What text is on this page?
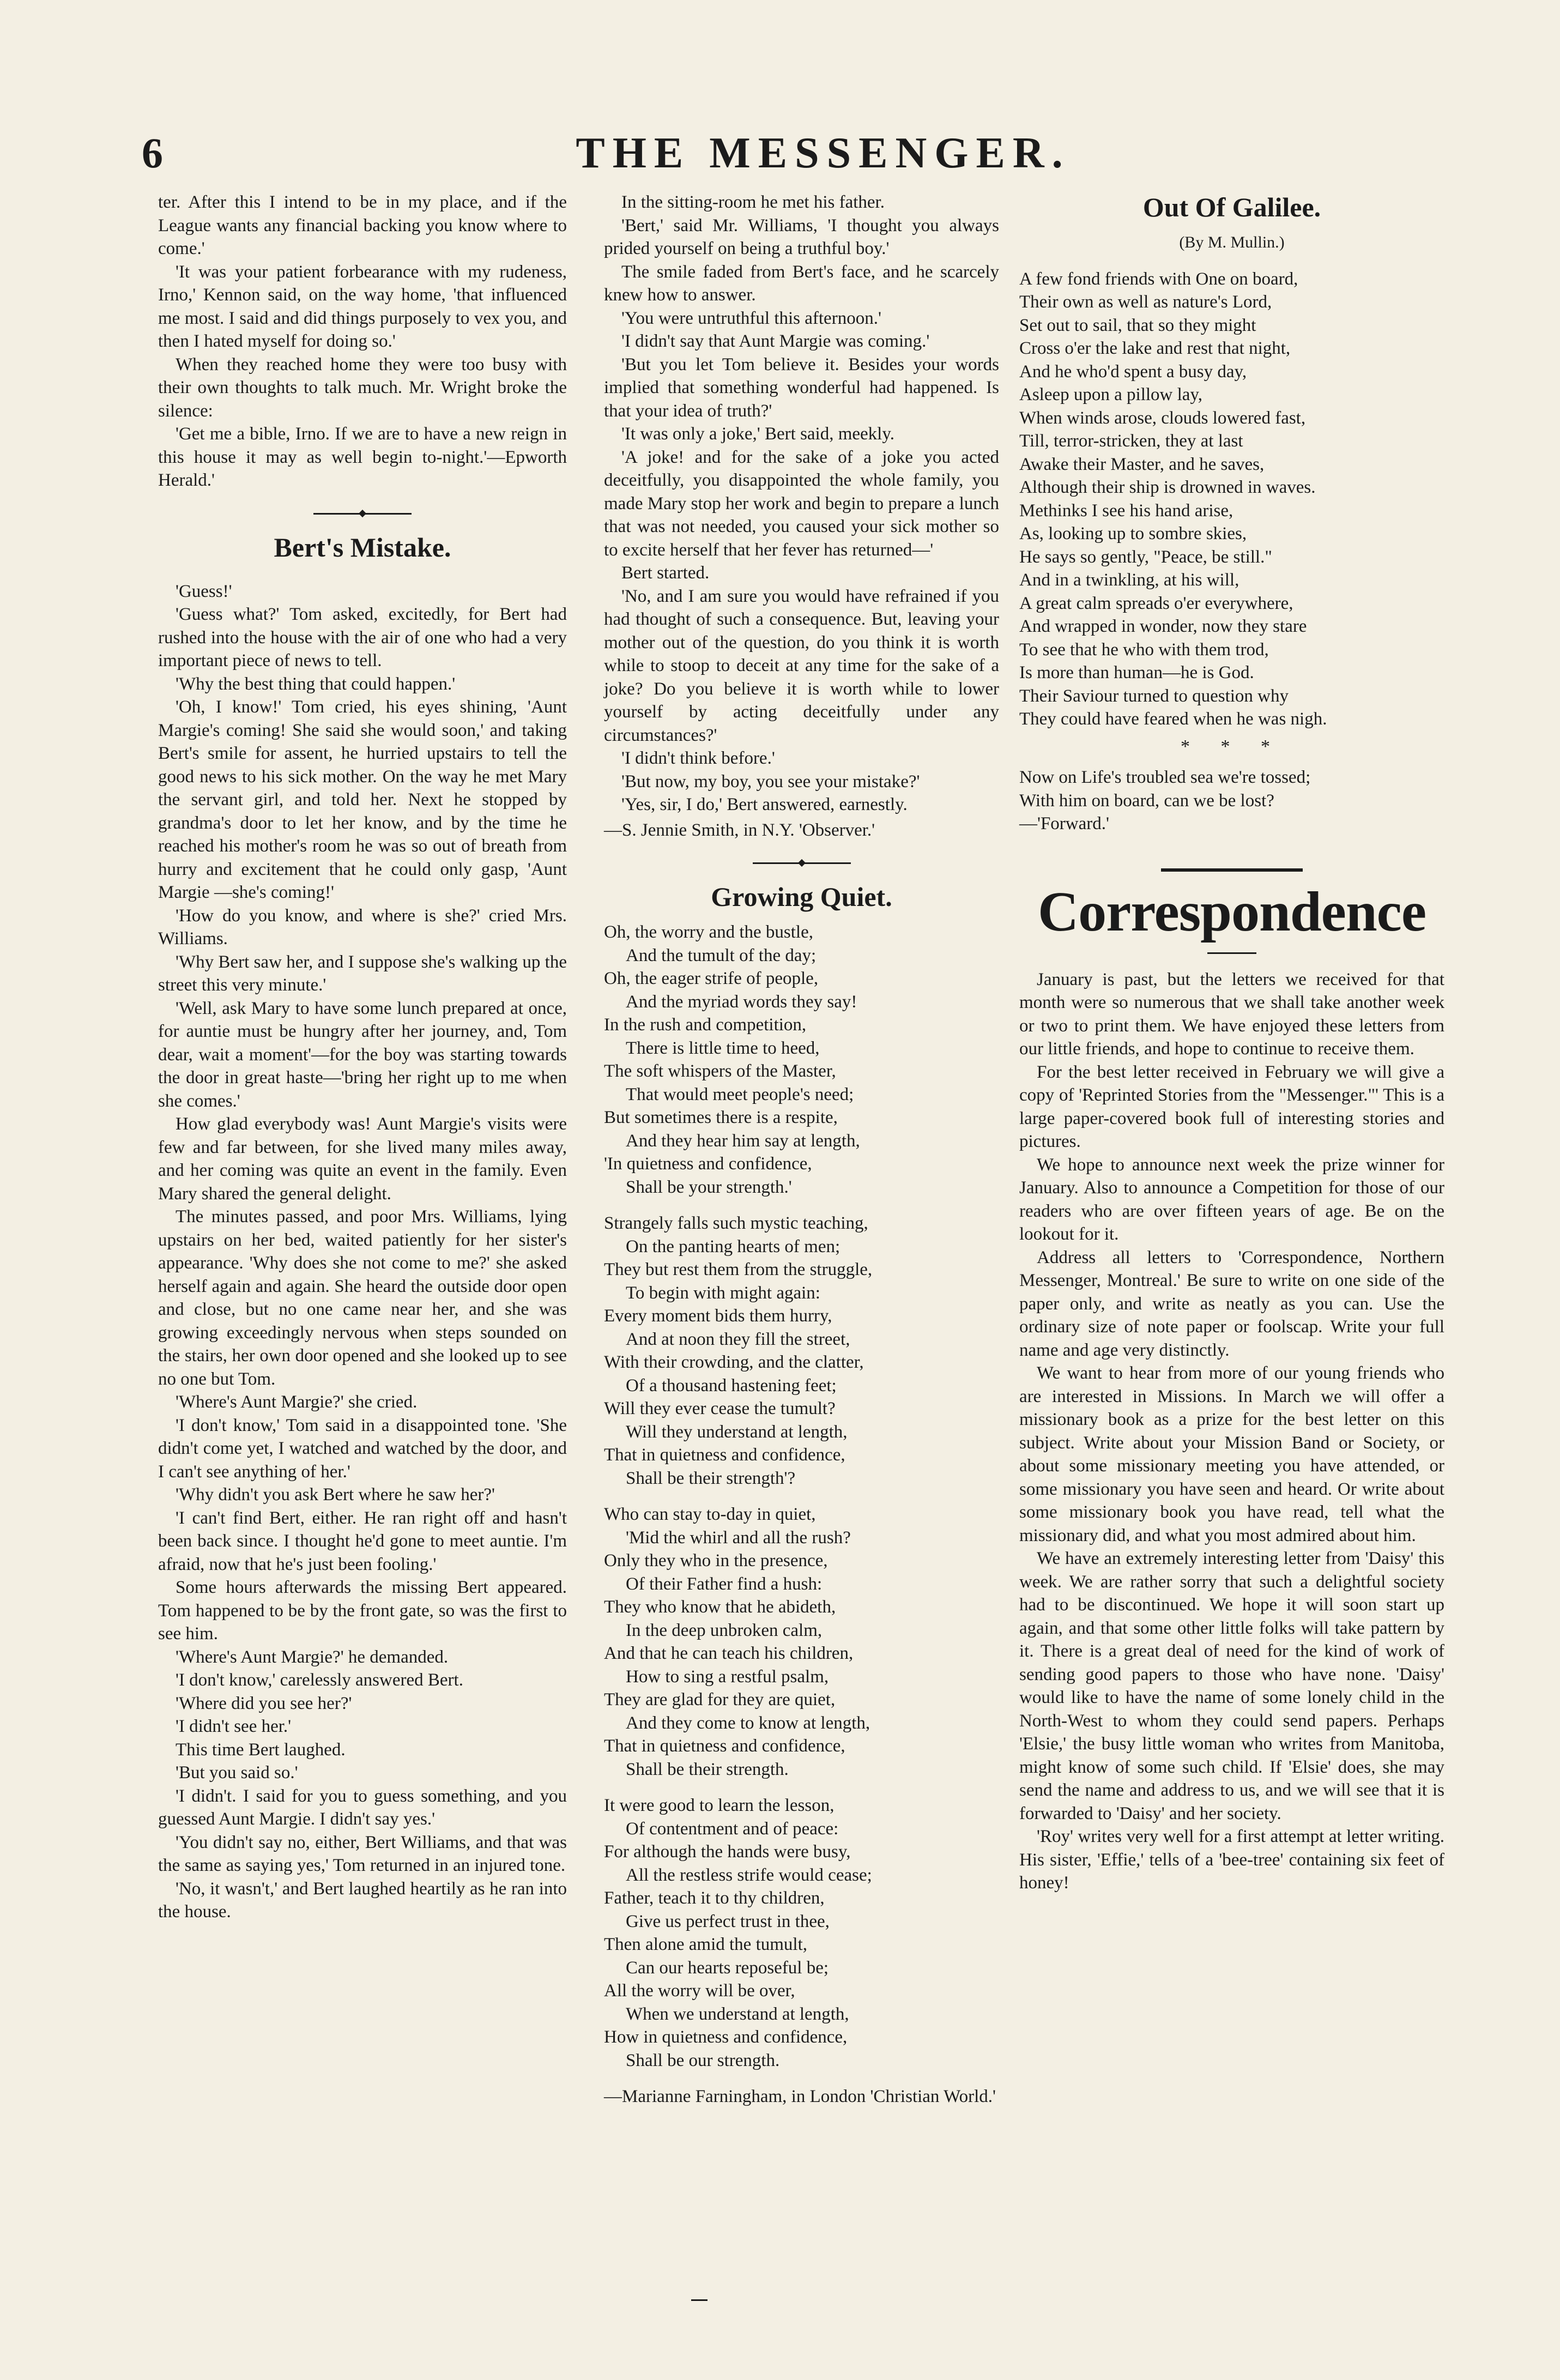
6	THE MESSENGER.

ter. After this I intend to be in my place, and if the League wants any financial backing you know where to come.'

'It was your patient forbearance with my rudeness, Irno,' Kennon said, on the way home, 'that influenced me most. I said and did things purposely to vex you, and then I hated myself for doing so.'

When they reached home they were too busy with their own thoughts to talk much. Mr. Wright broke the silence:

'Get me a bible, Irno. If we are to have a new reign in this house it may as well begin to-night.'—Epworth Herald.'

Bert's Mistake.

'Guess!'

'Guess what?' Tom asked, excitedly, for Bert had rushed into the house with the air of one who had a very important piece of news to tell.

'Why the best thing that could happen.'

'Oh, I know!' Tom cried, his eyes shining, 'Aunt Margie's coming! She said she would soon,' and taking Bert's smile for assent, he hurried upstairs to tell the good news to his sick mother. On the way he met Mary the servant girl, and told her. Next he stopped by grandma's door to let her know, and by the time he reached his mother's room he was so out of breath from hurry and excitement that he could only gasp, 'Aunt Margie —she's coming!'

'How do you know, and where is she?' cried Mrs. Williams.

'Why Bert saw her, and I suppose she's walking up the street this very minute.'

'Well, ask Mary to have some lunch prepared at once, for auntie must be hungry after her journey, and, Tom dear, wait a moment'—for the boy was starting towards the door in great haste—'bring her right up to me when she comes.'

How glad everybody was! Aunt Margie's visits were few and far between, for she lived many miles away, and her coming was quite an event in the family. Even Mary shared the general delight.

The minutes passed, and poor Mrs. Williams, lying upstairs on her bed, waited patiently for her sister's appearance. 'Why does she not come to me?' she asked herself again and again. She heard the outside door open and close, but no one came near her, and she was growing exceedingly nervous when steps sounded on the stairs, her own door opened and she looked up to see no one but Tom.

'Where's Aunt Margie?' she cried.

'I don't know,' Tom said in a disappointed tone. 'She didn't come yet, I watched and watched by the door, and I can't see anything of her.'

'Why didn't you ask Bert where he saw her?'

'I can't find Bert, either. He ran right off and hasn't been back since. I thought he'd gone to meet auntie. I'm afraid, now that he's just been fooling.'

Some hours afterwards the missing Bert appeared. Tom happened to be by the front gate, so was the first to see him.

'Where's Aunt Margie?' he demanded.

'I don't know,' carelessly answered Bert.

'Where did you see her?'

'I didn't see her.'

This time Bert laughed.

'But you said so.'

'I didn't. I said for you to guess something, and you guessed Aunt Margie. I didn't say yes.'

'You didn't say no, either, Bert Williams, and that was the same as saying yes,' Tom returned in an injured tone.

'No, it wasn't,' and Bert laughed heartily as he ran into the house.

In the sitting-room he met his father.

'Bert,' said Mr. Williams, 'I thought you always prided yourself on being a truthful boy.'

The smile faded from Bert's face, and he scarcely knew how to answer.

'You were untruthful this afternoon.'

'I didn't say that Aunt Margie was coming.'

'But you let Tom believe it. Besides your words implied that something wonderful had happened. Is that your idea of truth?'

'It was only a joke,' Bert said, meekly.

'A joke! and for the sake of a joke you acted deceitfully, you disappointed the whole family, you made Mary stop her work and begin to prepare a lunch that was not needed, you caused your sick mother so to excite herself that her fever has returned—'

Bert started.

'No, and I am sure you would have refrained if you had thought of such a consequence. But, leaving your mother out of the question, do you think it is worth while to stoop to deceit at any time for the sake of a joke? Do you believe it is worth while to lower yourself by acting deceitfully under any circumstances?'

'I didn't think before.'

'But now, my boy, you see your mistake?'

'Yes, sir, I do,' Bert answered, earnestly.

—S. Jennie Smith, in N.Y. 'Observer.'

Growing Quiet.
Oh, the worry and the bustle,
And the tumult of the day;
Oh, the eager strife of people,
And the myriad words they say!
In the rush and competition,
There is little time to heed,
The soft whispers of the Master,
That would meet people's need;
But sometimes there is a respite,
And they hear him say at length,
'In quietness and confidence,
Shall be your strength.'
Strangely falls such mystic teaching,
On the panting hearts of men;
They but rest them from the struggle,
To begin with might again:
Every moment bids them hurry,
And at noon they fill the street,
With their crowding, and the clatter,
Of a thousand hastening feet;
Will they ever cease the tumult?
Will they understand at length,
That in quietness and confidence,
Shall be their strength'?
Who can stay to-day in quiet,
'Mid the whirl and all the rush?
Only they who in the presence,
Of their Father find a hush:
They who know that he abideth,
In the deep unbroken calm,
And that he can teach his children,
How to sing a restful psalm,
They are glad for they are quiet,
And they come to know at length,
That in quietness and confidence,
Shall be their strength.
It were good to learn the lesson,
Of contentment and of peace:
For although the hands were busy,
All the restless strife would cease;
Father, teach it to thy children,
Give us perfect trust in thee,
Then alone amid the tumult,
Can our hearts reposeful be;
All the worry will be over,
When we understand at length,
How in quietness and confidence,
Shall be our strength.

—Marianne Farningham, in London 'Christian World.'

Out Of Galilee.
(By M. Mullin.)
A few fond friends with One on board,
Their own as well as nature's Lord,
Set out to sail, that so they might
Cross o'er the lake and rest that night,
And he who'd spent a busy day,
Asleep upon a pillow lay,
When winds arose, clouds lowered fast,
Till, terror-stricken, they at last
Awake their Master, and he saves,
Although their ship is drowned in waves.
Methinks I see his hand arise,
As, looking up to sombre skies,
He says so gently, "Peace, be still."
And in a twinkling, at his will,
A great calm spreads o'er everywhere,
And wrapped in wonder, now they stare
To see that he who with them trod,
Is more than human—he is God.
Their Saviour turned to question why
They could have feared when he was nigh.
* * *
Now on Life's troubled sea we're tossed;
With him on board, can we be lost?
—'Forward.'
Correspondence

January is past, but the letters we received for that month were so numerous that we shall take another week or two to print them. We have enjoyed these letters from our little friends, and hope to continue to receive them.

For the best letter received in February we will give a copy of 'Reprinted Stories from the "Messenger."' This is a large paper-covered book full of interesting stories and pictures.

We hope to announce next week the prize winner for January. Also to announce a Competition for those of our readers who are over fifteen years of age. Be on the lookout for it.

Address all letters to 'Correspondence, Northern Messenger, Montreal.' Be sure to write on one side of the paper only, and write as neatly as you can. Use the ordinary size of note paper or foolscap. Write your full name and age very distinctly.

We want to hear from more of our young friends who are interested in Missions. In March we will offer a missionary book as a prize for the best letter on this subject. Write about your Mission Band or Society, or about some missionary meeting you have attended, or some missionary you have seen and heard. Or write about some missionary book you have read, tell what the missionary did, and what you most admired about him.

We have an extremely interesting letter from 'Daisy' this week. We are rather sorry that such a delightful society had to be discontinued. We hope it will soon start up again, and that some other little folks will take pattern by it. There is a great deal of need for the kind of work of sending good papers to those who have none. 'Daisy' would like to have the name of some lonely child in the North-West to whom they could send papers. Perhaps 'Elsie,' the busy little woman who writes from Manitoba, might know of some such child. If 'Elsie' does, she may send the name and address to us, and we will see that it is forwarded to 'Daisy' and her society.

'Roy' writes very well for a first attempt at letter writing. His sister, 'Effie,' tells of a 'bee-tree' containing six feet of honey!
